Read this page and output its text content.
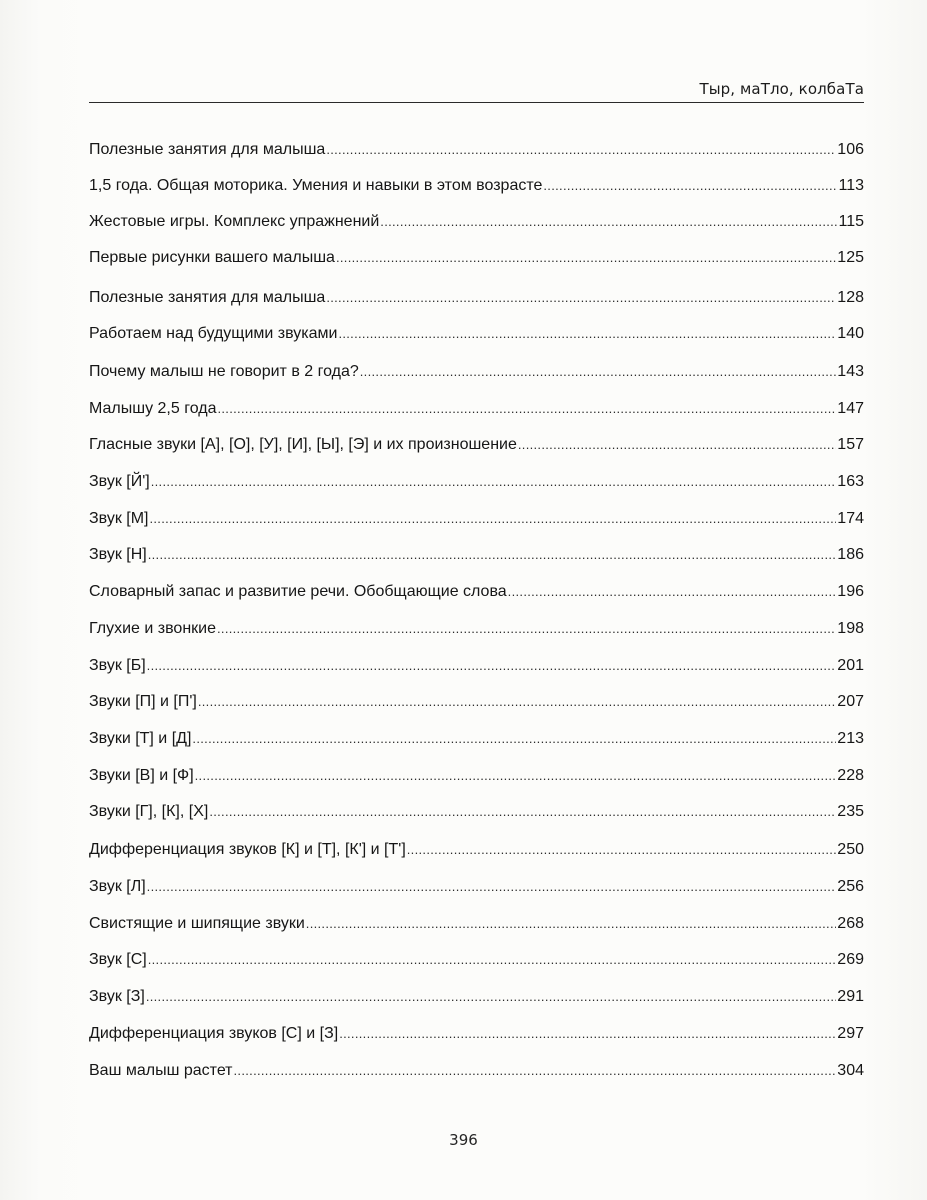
Тыр, маТло, колбаТа
Полезные занятия для малыша .....	106
1,5 года. Общая моторика. Умения и навыки в этом возрасте .....	113
Жестовые игры. Комплекс упражнений .....	115
Первые рисунки вашего малыша .....	125
Полезные занятия для малыша .....	128
Работаем над будущими звуками .....	140
Почему малыш не говорит в 2 года? .....	143
Малышу 2,5 года .....	147
Гласные звуки [А], [О], [У], [И], [Ы], [Э] и их произношение .....	157
Звук [Й'] .....	163
Звук [М] .....	174
Звук [Н] .....	186
Словарный запас и развитие речи. Обобщающие слова .....	196
Глухие и звонкие .....	198
Звук [Б] .....	201
Звуки [П] и [П'] .....	207
Звуки [Т] и [Д] .....	213
Звуки [В] и [Ф] .....	228
Звуки [Г], [К], [Х] .....	235
Дифференциация звуков [К] и [Т], [К'] и [Т'] .....	250
Звук [Л] .....	256
Свистящие и шипящие звуки .....	268
Звук [С] .....	269
Звук [З] .....	291
Дифференциация звуков [С] и [З] .....	297
Ваш малыш растет .....	304
396
